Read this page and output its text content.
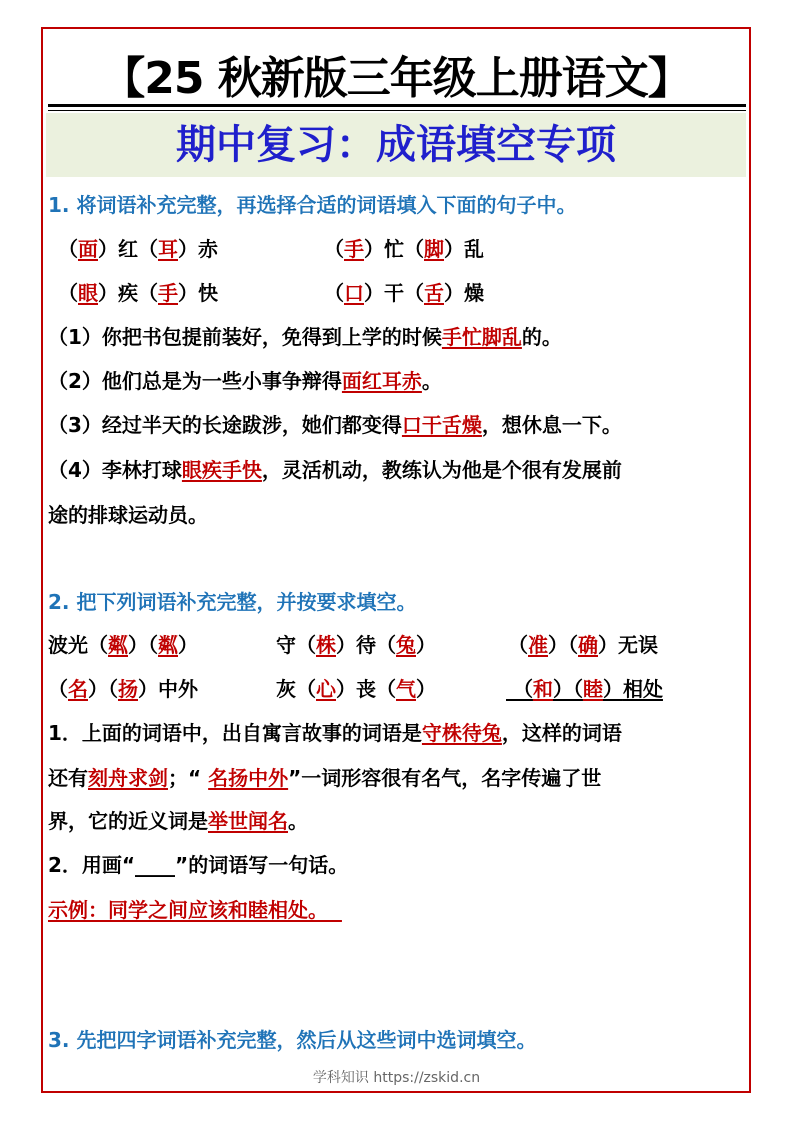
【25 秋新版三年级上册语文】
期中复习：成语填空专项
1. 将词语补充完整，再选择合适的词语填入下面的句子中。
（面）红（耳）赤	（手）忙（脚）乱
（眼）疾（手）快	（口）干（舌）燥
（1）你把书包提前装好，免得到上学的时候手忙脚乱的。
（2）他们总是为一些小事争辩得面红耳赤。
（3）经过半天的长途跋涉，她们都变得口干舌燥，想休息一下。
（4）李林打球眼疾手快，灵活机动，教练认为他是个很有发展前
途的排球运动员。
2. 把下列词语补充完整，并按要求填空。
波光（粼）（粼）	守（株）待（兔）	（准）（确）无误
（名）（扬）中外	灰（心）丧（气）	（和）（睦）相处
1．上面的词语中，出自寓言故事的词语是守株待兔，这样的词语
还有刻舟求剑；“ 名扬中外”一词形容很有名气，名字传遍了世
界，它的近义词是举世闻名。
2．用画“____”的词语写一句话。
示例：同学之间应该和睦相处。
3. 先把四字词语补充完整，然后从这些词中选词填空。
学科知识 https://zskid.cn
